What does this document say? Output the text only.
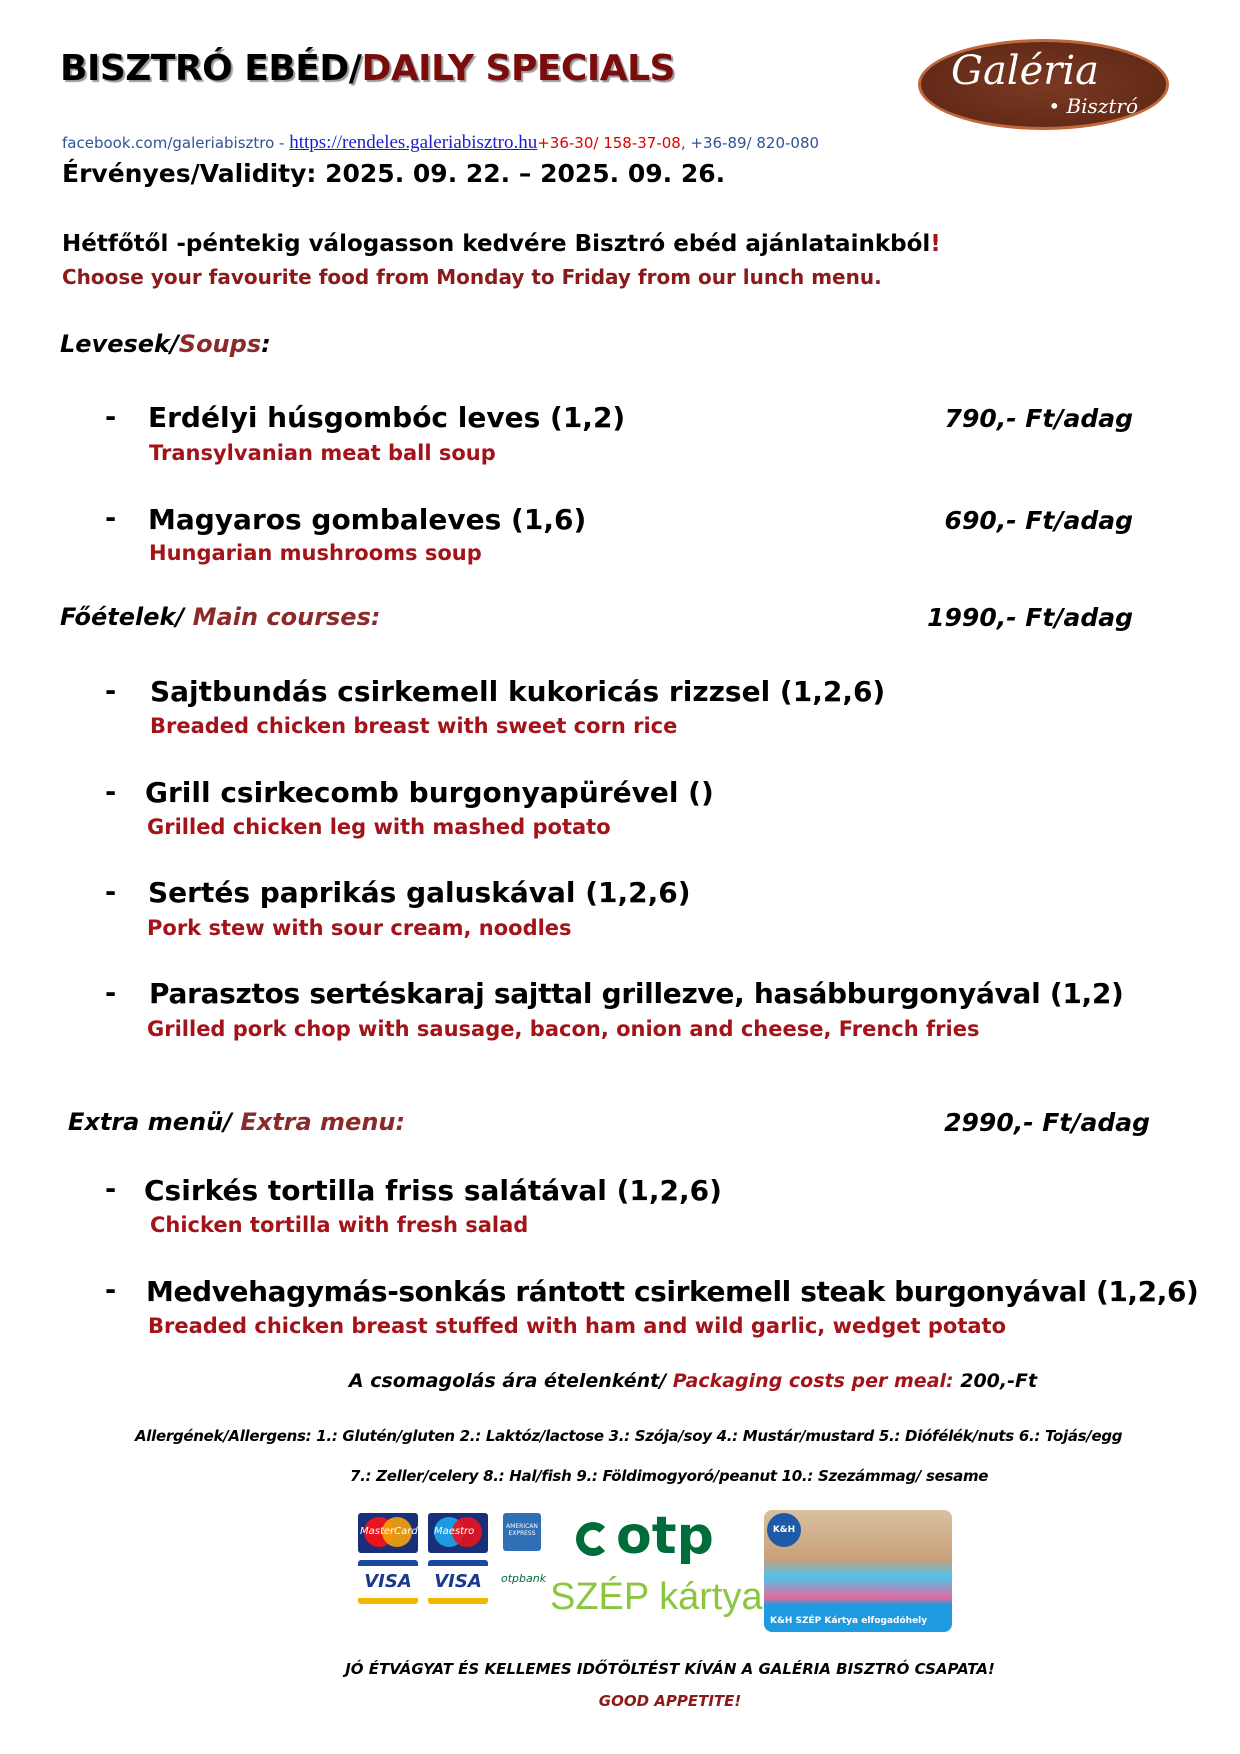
BISZTRÓ EBÉD/DAILY SPECIALS	Galéria
• Bisztró
facebook.com/galeriabisztro - https://rendeles.galeriabisztro.hu+36-30/ 158-37-08, +36-89/ 820-080
Érvényes/Validity: 2025. 09. 22. – 2025. 09. 26.
Hétfőtől -péntekig válogasson kedvére Bisztró ebéd ajánlatainkból!
Choose your favourite food from Monday to Friday from our lunch menu.
Levesek/Soups:
- Erdélyi húsgombóc leves (1,2)
Transylvanian meat ball soup
790,- Ft/adag
- Magyaros gombaleves (1,6)
Hungarian mushrooms soup
690,- Ft/adag
Főételek/ Main courses:	1990,- Ft/adag
- Sajtbundás csirkemell kukoricás rizzsel (1,2,6)
Breaded chicken breast with sweet corn rice
- Grill csirkecomb burgonyapürével ()
Grilled chicken leg with mashed potato
- Sertés paprikás galuskával (1,2,6)
Pork stew with sour cream, noodles
- Parasztos sertéskaraj sajttal grillezve, hasábburgonyával (1,2)
Grilled pork chop with sausage, bacon, onion and cheese, French fries
Extra menü/ Extra menu:	2990,- Ft/adag
- Csirkés tortilla friss salátával (1,2,6)
Chicken tortilla with fresh salad
- Medvehagymás-sonkás rántott csirkemell steak burgonyával (1,2,6)
Breaded chicken breast stuffed with ham and wild garlic, wedget potato
A csomagolás ára ételenként/ Packaging costs per meal: 200,-Ft
Allergének/Allergens: 1.: Glutén/gluten 2.: Laktóz/lactose 3.: Szója/soy 4.: Mustár/mustard 5.: Diófélék/nuts 6.: Tojás/egg
7.: Zeller/celery 8.: Hal/fish 9.: Földimogyoró/peanut 10.: Szezámmag/ sesame
MasterCard Maestro
VISA	VISA
AMERICAN EXPRESS
otpbank
otp
SZÉP kártya
K&H
K&H SZÉP Kártya elfogadóhely
JÓ ÉTVÁGYAT ÉS KELLEMES IDŐTÖLTÉST KÍVÁN A GALÉRIA BISZTRÓ CSAPATA!
GOOD APPETITE!
